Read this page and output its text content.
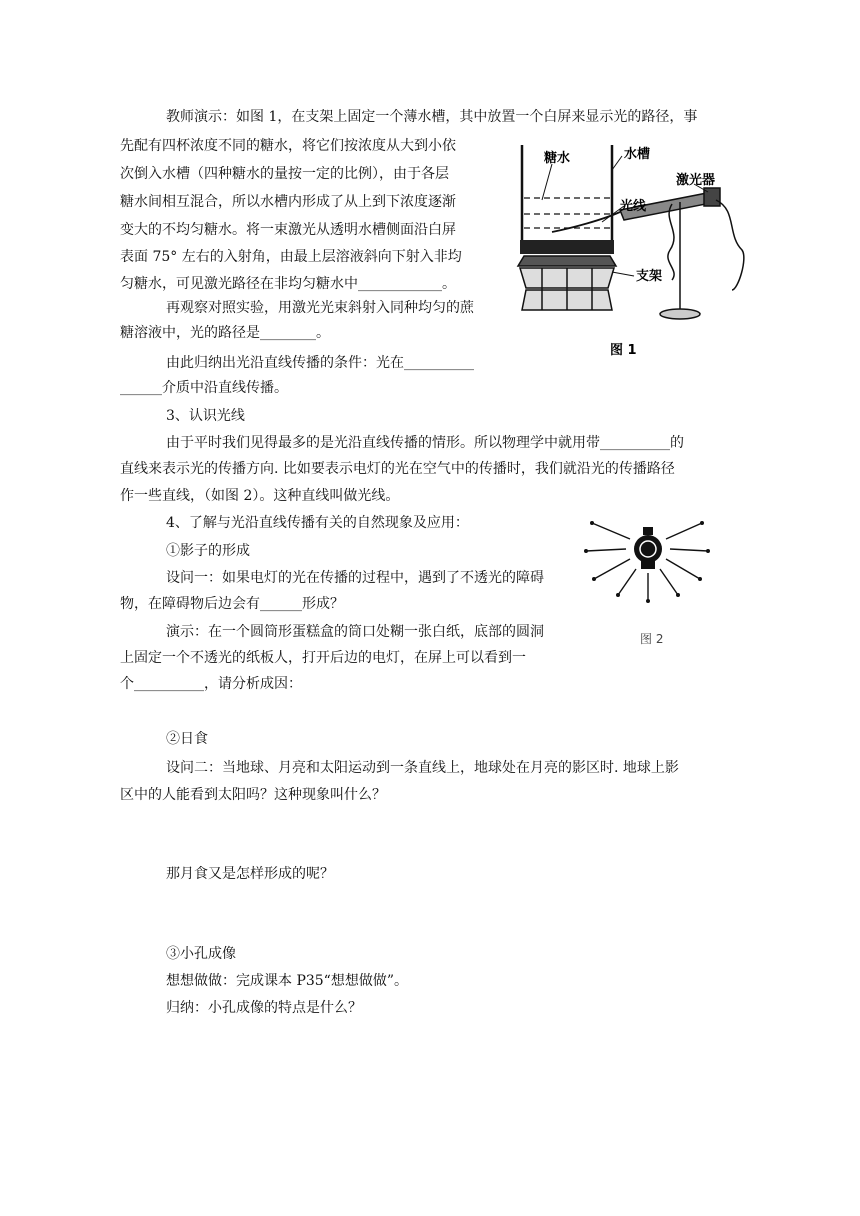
教师演示：如图 1，在支架上固定一个薄水槽，其中放置一个白屏来显示光的路径，事
先配有四杯浓度不同的糖水，将它们按浓度从大到小依
次倒入水槽（四种糖水的量按一定的比例），由于各层
糖水间相互混合，所以水槽内形成了从上到下浓度逐渐
变大的不均匀糖水。将一束激光从透明水槽侧面沿白屏
表面 75° 左右的入射角，由最上层溶液斜向下射入非均
匀糖水，可见激光路径在非均匀糖水中____________。
再观察对照实验，用激光光束斜射入同种均匀的蔗
糖溶液中，光的路径是________。
由此归纳出光沿直线传播的条件：光在__________
______介质中沿直线传播。
3、认识光线
由于平时我们见得最多的是光沿直线传播的情形。所以物理学中就用带__________的
直线来表示光的传播方向. 比如要表示电灯的光在空气中的传播时，我们就沿光的传播路径
作一些直线，（如图 2）。这种直线叫做光线。
4、了解与光沿直线传播有关的自然现象及应用：
①影子的形成
设问一：如果电灯的光在传播的过程中，遇到了不透光的障碍
物，在障碍物后边会有______形成？
演示：在一个圆筒形蛋糕盒的筒口处糊一张白纸，底部的圆洞
上固定一个不透光的纸板人，打开后边的电灯，在屏上可以看到一
个__________，请分析成因：
②日食
设问二：当地球、月亮和太阳运动到一条直线上，地球处在月亮的影区时. 地球上影
区中的人能看到太阳吗？这种现象叫什么？
那月食又是怎样形成的呢？
③小孔成像
想想做做：完成课本 P35“想想做做”。
归纳：小孔成像的特点是什么？
糖水	水槽
激光器
光线
支架
图 1
图 2
